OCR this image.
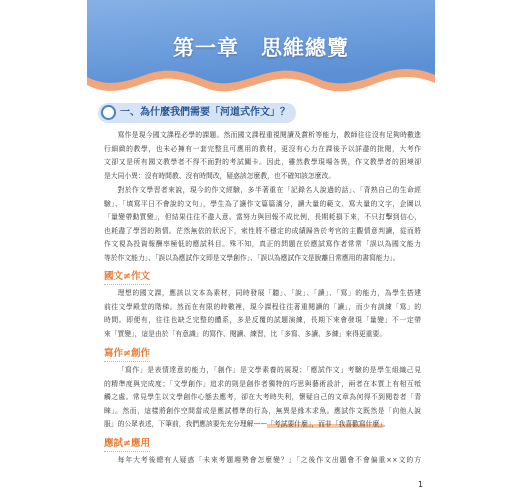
第一章　思維總覽
一、為什麼我們需要「河道式作文」？
寫作是現今國文課程必學的課題。然而國文課程重視閱讀及賞析等能力，教師往往沒有足夠時數進
行細緻的教學，也未必擁有一套完整且可應用的教材，更沒有心力在課後予以詳盡的批閱，大考作
文卻又是所有國文教學者不得不面對的考試關卡。因此，雖然教學現場各異，作文教學者的困境卻
是大同小異：沒有時間教、沒有時間改，疑惑該怎麼教，也不確知該怎麼改。
對於作文學習者來說，現今的作文經驗，多半著重在「記錄名人說過的話」、「背熟自己的生命經
驗」、「填寫平日不會說的文句」，學生為了讓作文篇篇滿分，讀大量的範文、寫大量的文字，企圖以
「量變帶動質變」，但結果往往不盡人意。當努力與回報不成比例，長期耗損下來，不只打擊到信心，
也耗盡了學習的熱情。茫然無依的狀況下，索性將不穩定的成績歸咎於考官的主觀情意判讀，從而將
作文視為投資報酬率極低的應試科目。殊不知，真正的問題在於應試寫作者常常「誤以為國文能力
等於作文能力」、「誤以為應試作文即是文學創作」、「誤以為應試作文是脫離日常應用的書寫能力」。
國文≠作文
理想的國文課，應該以文本為素材，同時發展「聽」、「說」、「讀」、「寫」的能力，為學生搭建
前往文學殿堂的階梯。然而在有限的時數裡，現今課程往往著重閱讀的「讀」，而少有訓練「寫」的
時間。即便有，往往也缺乏完整的體系，多是反覆的試題演練，長期下來會發現「量變」不一定帶
來「質變」，這是由於「有意識」的寫作、閱讀、練習，比「多寫、多讀、多練」來得更重要。
寫作≠創作
「寫作」是表情達意的能力，「創作」是文學素養的展現；「應試作文」考驗的是學生組織己見
的精準度與完成度；「文學創作」追求的則是創作者獨特的巧思與藝術設計，兩者在本質上有相互牴
觸之處。常見學生以文學創作心態去應考，卻在大考時失利，懷疑自己的文章為何得不到閱卷者「青
睞」。然而，這樣將創作空間當成是應試標準的行為，無異是緣木求魚。應試作文既然是「向他人說
服」的公眾表述，下筆前，我們應該要先充分理解——「考試要什麼」，而非「我喜歡寫什麼」。
應試≠應用
每年大考後總有人疑惑「未來考題趨勢會怎麼變？」「之後作文出題會不會偏重××文的方
1
